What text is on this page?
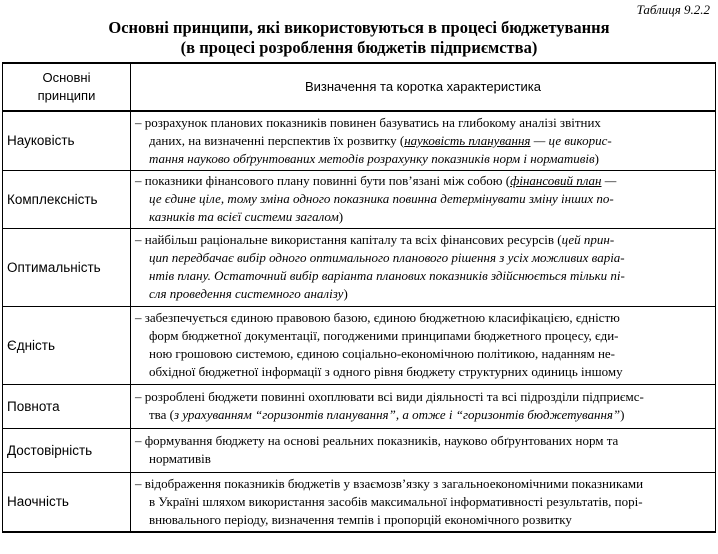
Таблиця 9.2.2
Основні принципи, які використовуються в процесі бюджетування
(в процесі розроблення бюджетів підприємства)
Основні
принципи	Визначення та коротка характеристика
Науковість	– розрахунок планових показників повинен базуватись на глибокому аналізі звітних
даних, на визначенні перспектив їх розвитку (науковість планування — це викорис-
тання науково обґрунтованих методів розрахунку показників норм і нормативів)

Комплексність	– показники фінансового плану повинні бути пов’язані між собою (фінансовий план —
це єдине ціле, тому зміна одного показника повинна детермінувати зміну інших по-
казників та всієї системи загалом)

Оптимальність	– найбільш раціональне використання капіталу та всіх фінансових ресурсів (цей прин-
цип передбачає вибір одного оптимального планового рішення з усіх можливих варіа-
нтів плану. Остаточний вибір варіанта планових показників здійснюється тільки пі-
сля проведення системного аналізу)

Єдність	– забезпечується єдиною правовою базою, єдиною бюджетною класифікацією, єдністю
форм бюджетної документації, погодженими принципами бюджетного процесу, єди-
ною грошовою системою, єдиною соціально-економічною політикою, наданням не-
обхідної бюджетної інформації з одного рівня бюджету структурних одиниць іншому

Повнота	– розроблені бюджети повинні охоплювати всі види діяльності та всі підрозділи підприємс-
тва (з урахуванням “горизонтів планування”, а отже і “горизонтів бюджетування”)

Достовірність	– формування бюджету на основі реальних показників, науково обґрунтованих норм та
нормативів

Наочність	– відображення показників бюджетів у взаємозв’язку з загальноекономічними показниками
в Україні шляхом використання засобів максимальної інформативності результатів, порі-
внювального періоду, визначення темпів і пропорцій економічного розвитку
